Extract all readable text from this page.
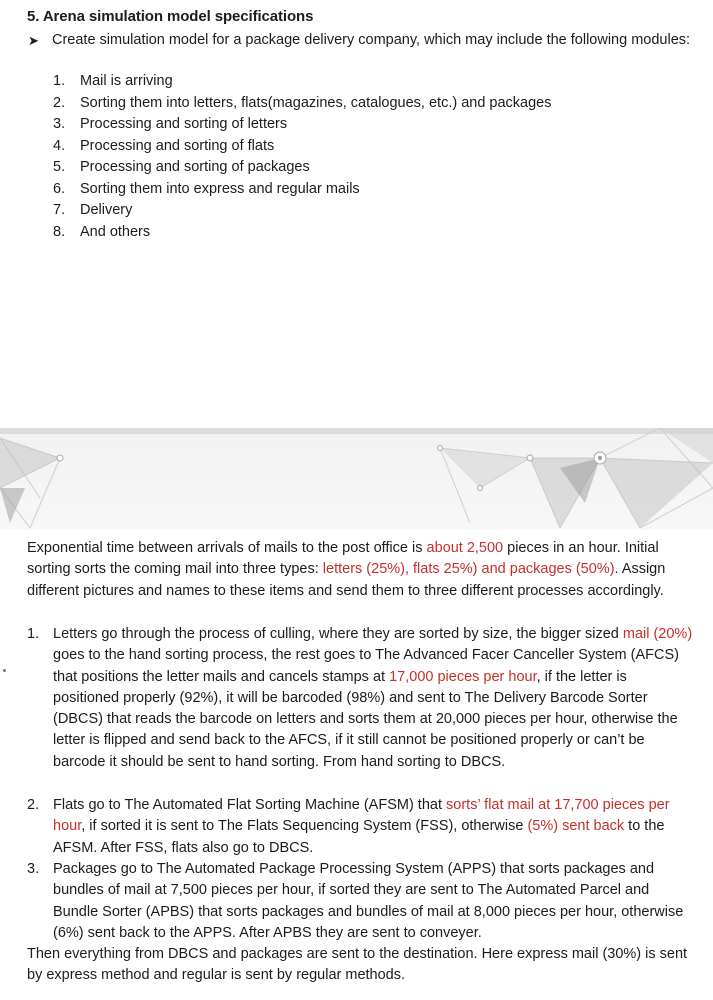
5. Arena simulation model specifications
➤ Create simulation model for a package delivery company, which may include the following modules:
1.	Mail is arriving
2.	Sorting them into letters, flats(magazines, catalogues, etc.) and packages
3.	Processing and sorting of letters
4.	Processing and sorting of flats
5.	Processing and sorting of packages
6.	Sorting them into express and regular mails
7.	Delivery
8.	And others
Exponential time between arrivals of mails to the post office is about 2,500 pieces in an hour. Initial sorting sorts the coming mail into three types: letters (25%), flats 25%) and packages (50%). Assign different pictures and names to these items and send them to three different processes accordingly.
1. Letters go through the process of culling, where they are sorted by size, the bigger sized mail (20%) goes to the hand sorting process, the rest goes to The Advanced Facer Canceller System (AFCS) that positions the letter mails and cancels stamps at 17,000 pieces per hour, if the letter is positioned properly (92%), it will be barcoded (98%) and sent to The Delivery Barcode Sorter (DBCS) that reads the barcode on letters and sorts them at 20,000 pieces per hour, otherwise the letter is flipped and send back to the AFCS, if it still cannot be positioned properly or can’t be barcode it should be sent to hand sorting. From hand sorting to DBCS.
2. Flats go to The Automated Flat Sorting Machine (AFSM) that sorts’ flat mail at 17,700 pieces per hour, if sorted it is sent to The Flats Sequencing System (FSS), otherwise (5%) sent back to the AFSM. After FSS, flats also go to DBCS.
3. Packages go to The Automated Package Processing System (APPS) that sorts packages and bundles of mail at 7,500 pieces per hour, if sorted they are sent to The Automated Parcel and Bundle Sorter (APBS) that sorts packages and bundles of mail at 8,000 pieces per hour, otherwise (6%) sent back to the APPS. After APBS they are sent to conveyer.
Then everything from DBCS and packages are sent to the destination. Here express mail (30%) is sent by express method and regular is sent by regular methods.
